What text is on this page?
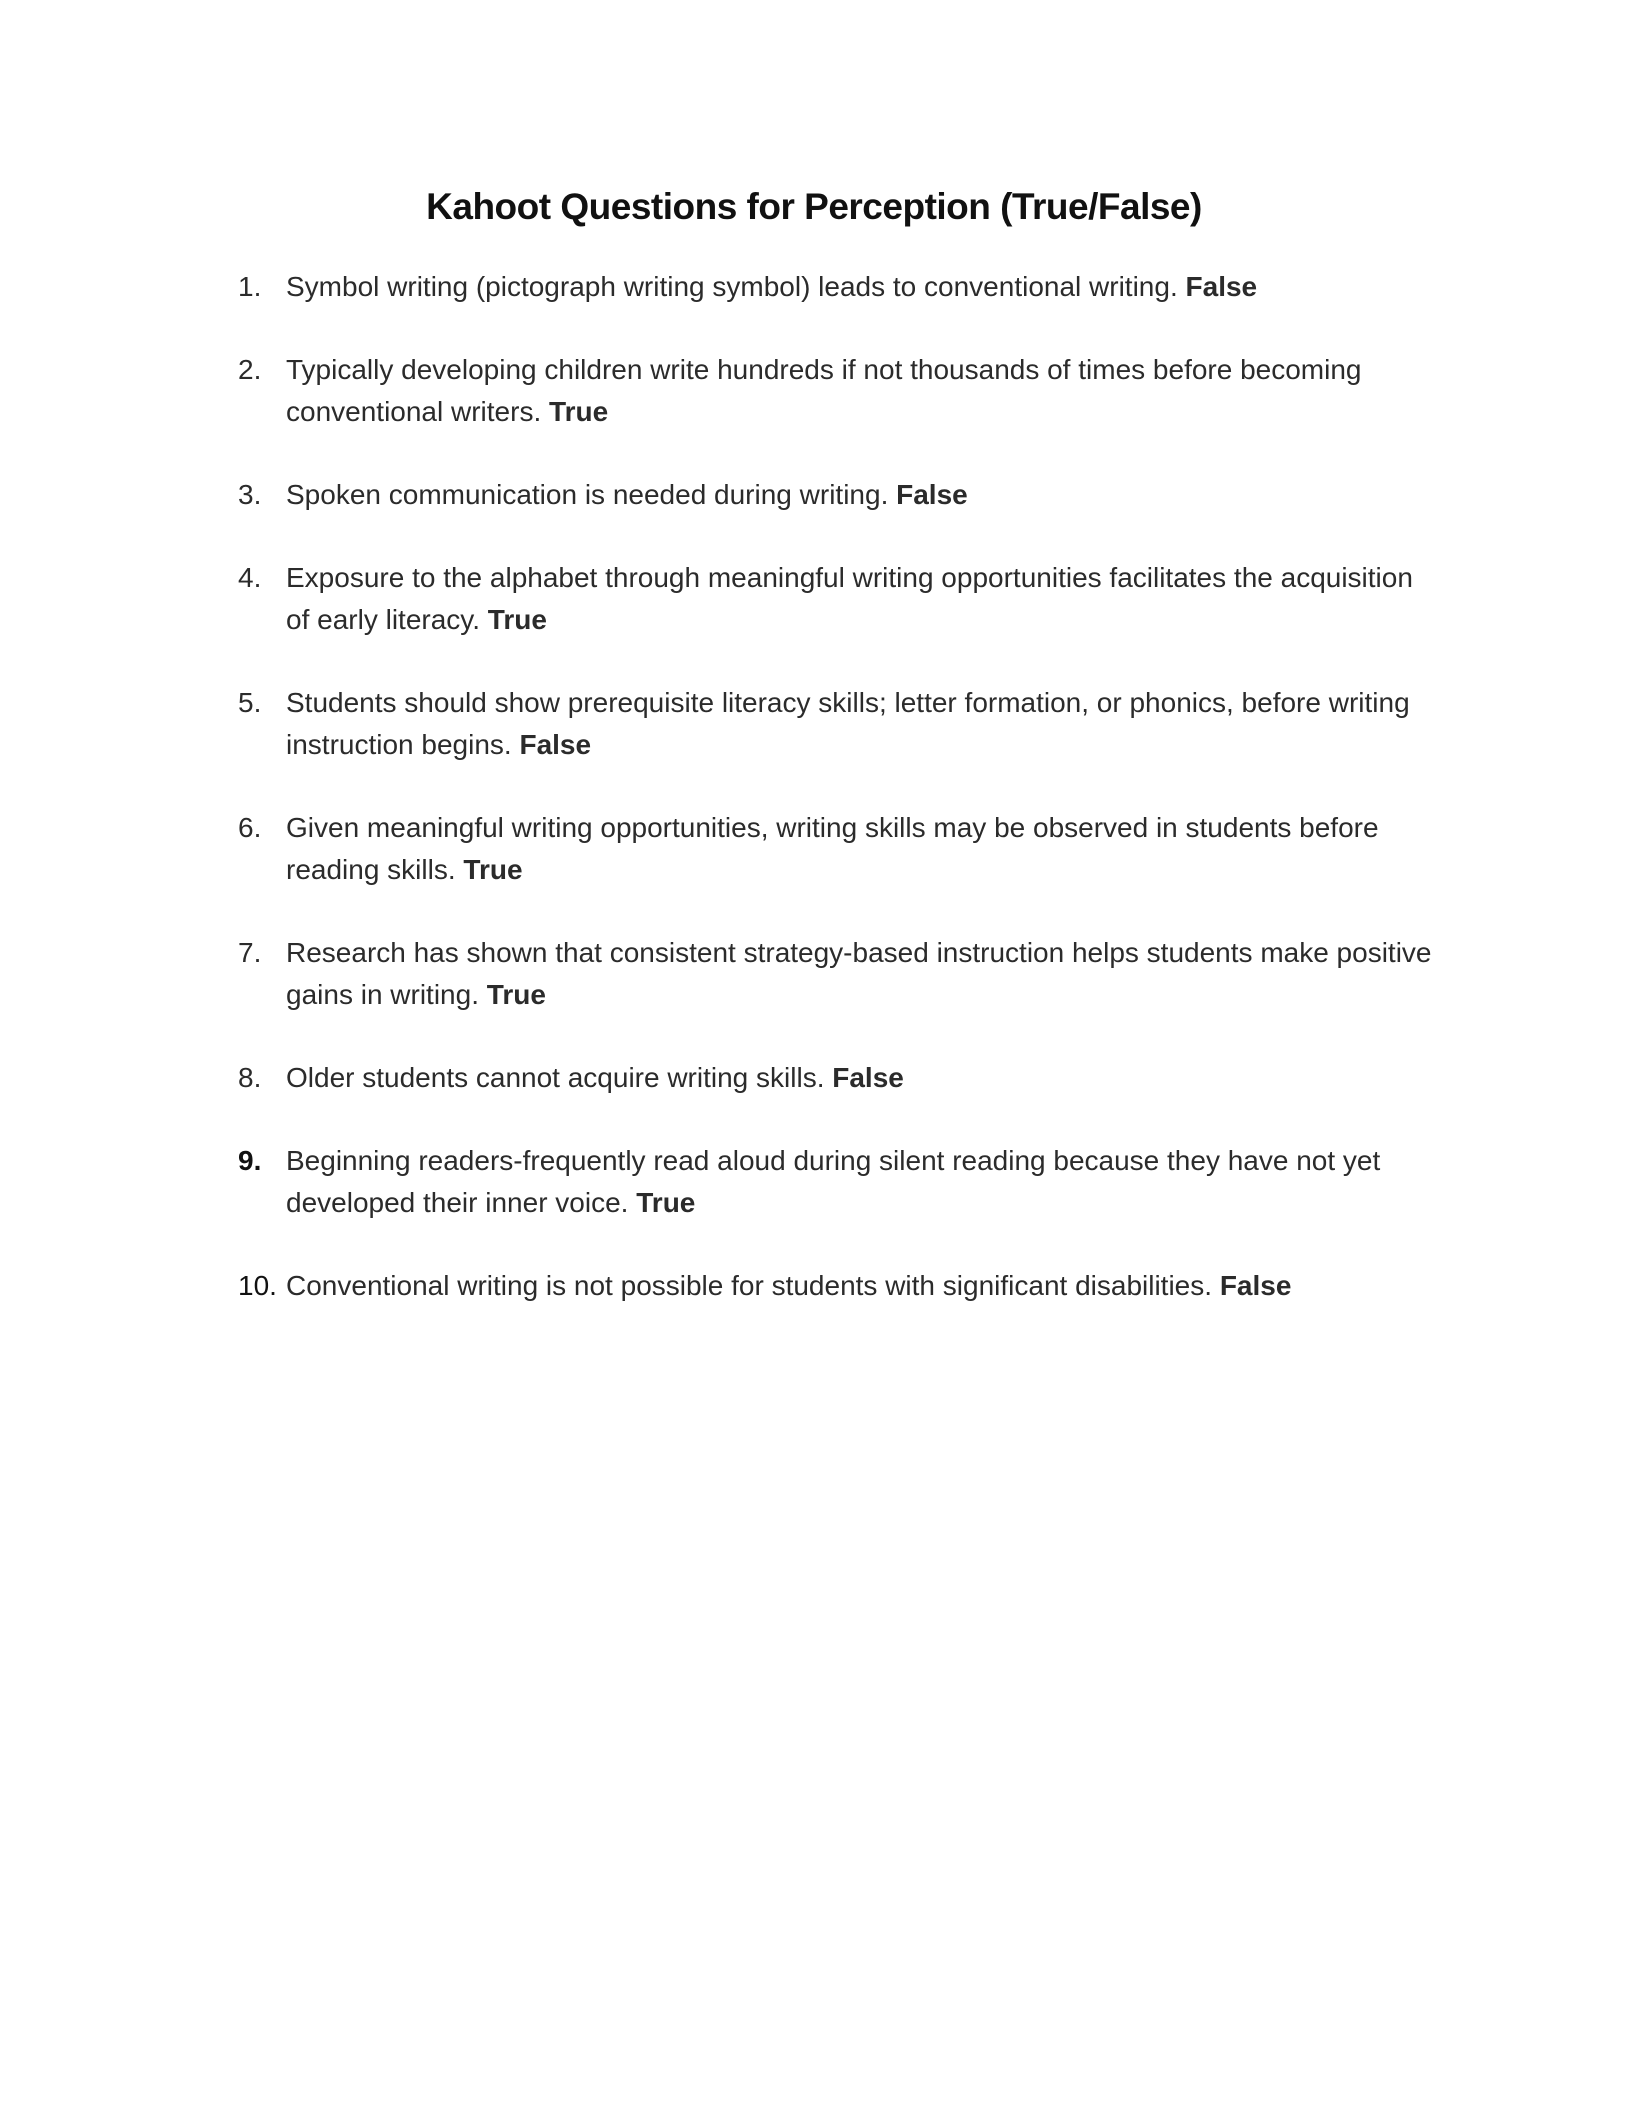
Kahoot Questions for Perception (True/False)
1. Symbol writing (pictograph writing symbol) leads to conventional writing. False
2. Typically developing children write hundreds if not thousands of times before becoming conventional writers. True
3. Spoken communication is needed during writing. False
4. Exposure to the alphabet through meaningful writing opportunities facilitates the acquisition of early literacy. True
5. Students should show prerequisite literacy skills; letter formation, or phonics, before writing instruction begins. False
6. Given meaningful writing opportunities, writing skills may be observed in students before reading skills. True
7. Research has shown that consistent strategy-based instruction helps students make positive gains in writing. True
8. Older students cannot acquire writing skills. False
9. Beginning readers-frequently read aloud during silent reading because they have not yet developed their inner voice. True
10. Conventional writing is not possible for students with significant disabilities. False
